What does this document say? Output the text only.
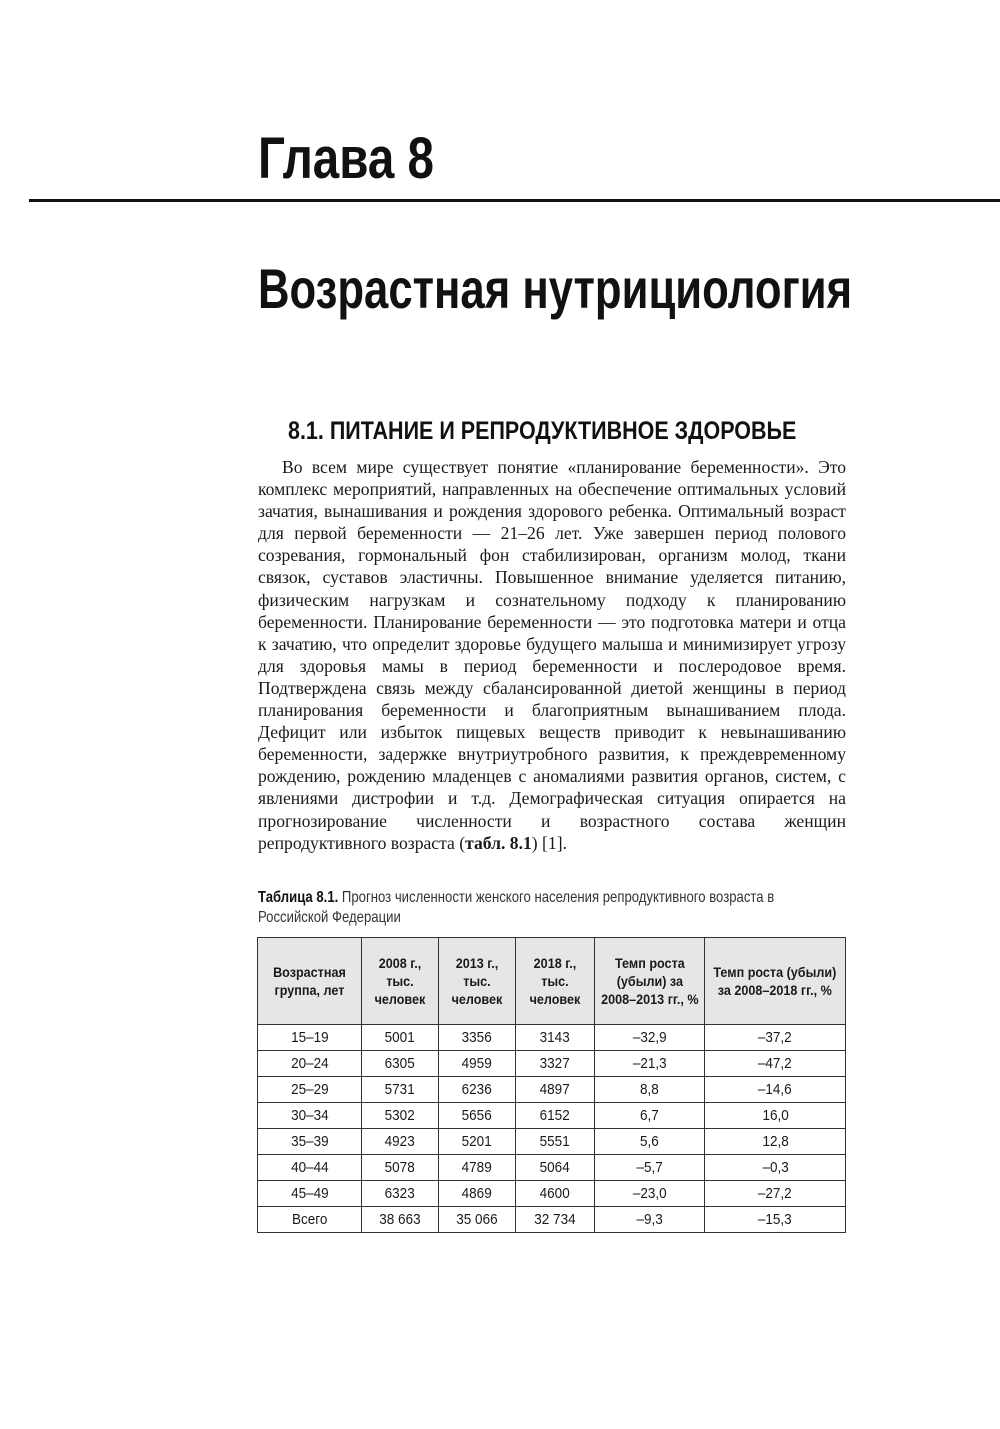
Глава 8
Возрастная нутрициология
8.1. ПИТАНИЕ И РЕПРОДУКТИВНОЕ ЗДОРОВЬЕ

Во всем мире существует понятие «планирование беременности». Это комплекс мероприятий, направленных на обеспечение оптимальных условий зачатия, вынашивания и рождения здорового ребенка. Оптимальный возраст для первой беременности — 21–26 лет. Уже завершен период полового созревания, гормональный фон стабилизирован, организм молод, ткани связок, суставов эластичны. Повышенное внимание уделяется питанию, физическим нагрузкам и сознательному подходу к планированию беременности. Планирование беременности — это подготовка матери и отца к зачатию, что определит здоровье будущего малыша и минимизирует угрозу для здоровья мамы в период беременности и послеродовое время. Подтверждена связь между сбалансированной диетой женщины в период планирования беременности и благоприятным вынашиванием плода. Дефицит или избыток пищевых веществ приводит к невынашиванию беременности, задержке внутриутробного развития, к преждевременному рождению, рождению младенцев с аномалиями развития органов, систем, с явлениями дистрофии и т.д. Демографическая ситуация опирается на прогнозирование численности и возрастного состава женщин репродуктивного возраста (табл. 8.1) [1].

Таблица 8.1. Прогноз численности женского населения репродуктивного возраста в Российской Федерации

Возрастная группа, лет	2008 г., тыс. человек	2013 г., тыс. человек	2018 г., тыс. человек	Темп роста (убыли) за 2008–2013 гг., %	Темп роста (убыли) за 2008–2018 гг., %
15–19	5001	3356	3143	–32,9	–37,2
20–24	6305	4959	3327	–21,3	–47,2
25–29	5731	6236	4897	8,8	–14,6
30–34	5302	5656	6152	6,7	16,0
35–39	4923	5201	5551	5,6	12,8
40–44	5078	4789	5064	–5,7	–0,3
45–49	6323	4869	4600	–23,0	–27,2
Всего	38 663	35 066	32 734	–9,3	–15,3
